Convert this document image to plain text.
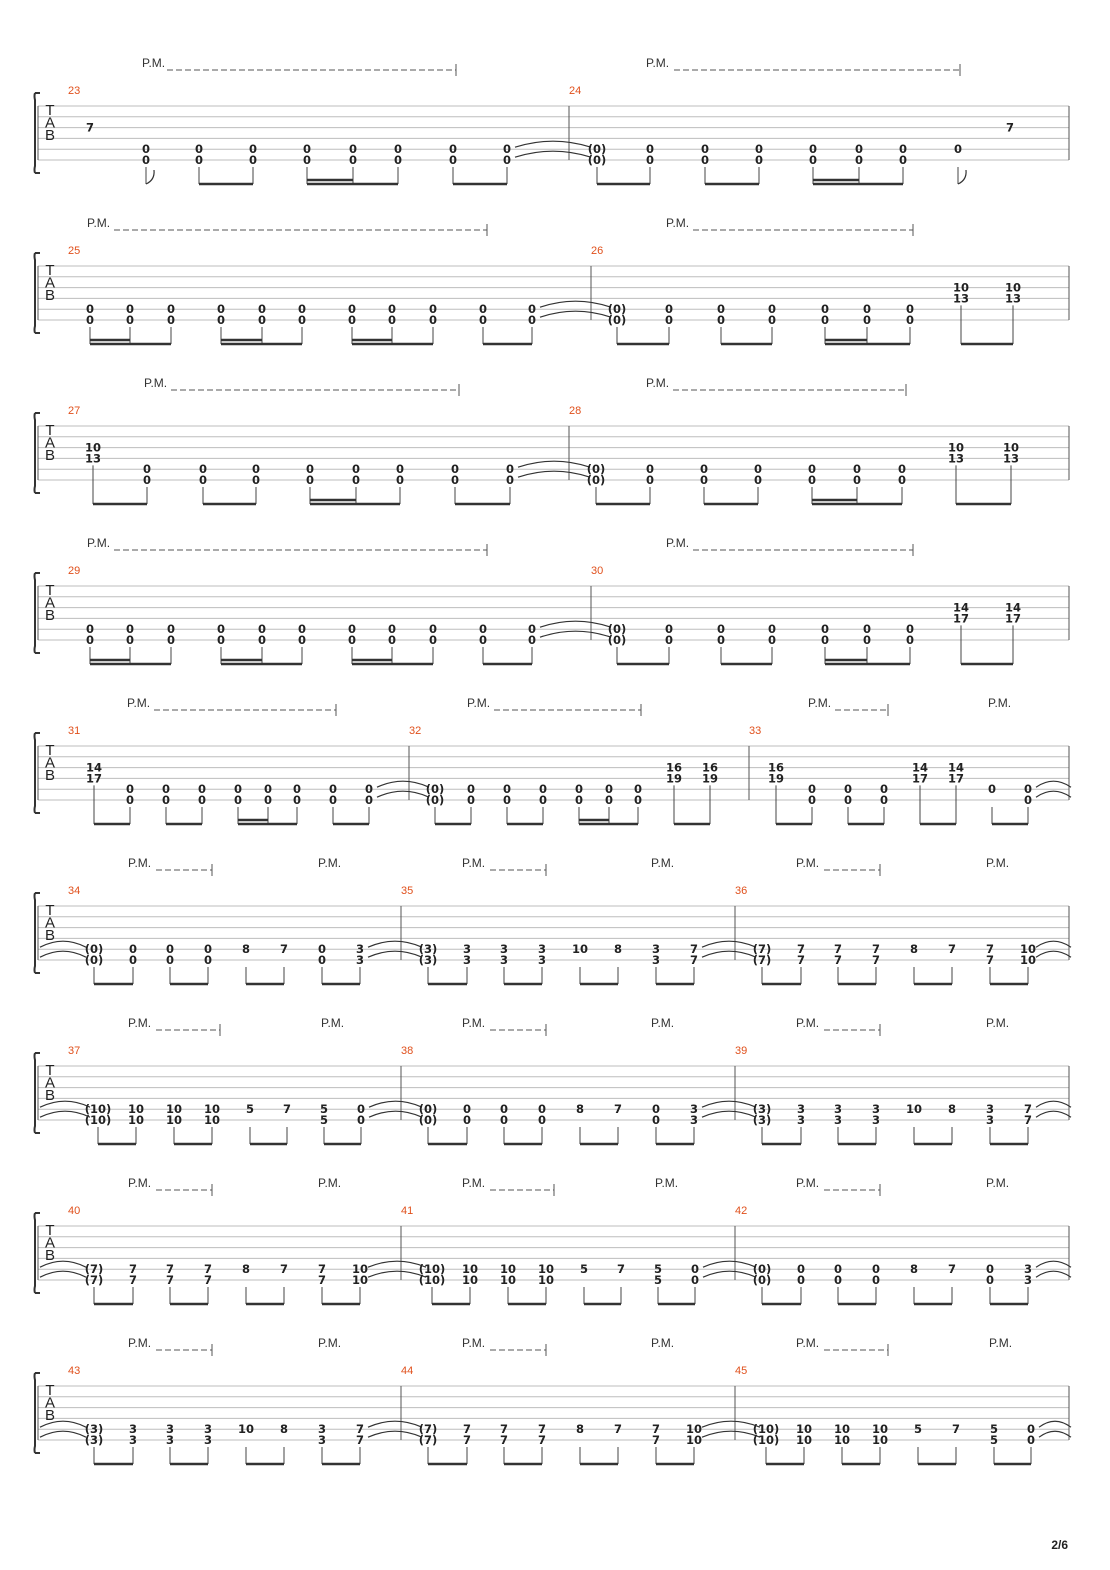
T
A
B
23
P.M.
7
0
0
0
0
0
0
0
0
0
0
0
0
0
0
0
0
24
P.M.
(0)
(0)
0
0
0
0
0
0
0
0
0
0
0
0
0
7
T
A
B
25
P.M.
0
0
0
0
0
0
0
0
0
0
0
0
0
0
0
0
0
0
0
0
0
0
26
P.M.
(0)
(0)
0
0
0
0
0
0
0
0
0
0
0
0
10
13
10
13
T
A
B
27
P.M.
10
13
0
0
0
0
0
0
0
0
0
0
0
0
0
0
0
0
28
P.M.
(0)
(0)
0
0
0
0
0
0
0
0
0
0
0
0
10
13
10
13
T
A
B
29
P.M.
0
0
0
0
0
0
0
0
0
0
0
0
0
0
0
0
0
0
0
0
0
0
30
P.M.
(0)
(0)
0
0
0
0
0
0
0
0
0
0
0
0
14
17
14
17
T
A
B
31
P.M.
14
17
0
0
0
0
0
0
0
0
0
0
0
0
0
0
0
0
32
P.M.
(0)
(0)
0
0
0
0
0
0
0
0
0
0
0
0
16
19
16
19
33
P.M.	P.M.
16
19
0
0
0
0
0
0
14
17
14
17
0 0
0
T
A
B
34
P.M.	P.M.
(0)
(0)
0
0
0
0
0
0
8	7	0
0
3
3
35
P.M.	P.M.
(3)
(3)
3
3
3
3
3
3
10 8	3
3
7
7
36
P.M.	P.M.
(7)
(7)
7
7
7
7
7
7
8	7	7
7
10
10
T
A
B
37
P.M.	P.M.
(10)
(10)
10
10
10
10
10
10
5	7	5
5
0
0
38
P.M.	P.M.
(0)
(0)
0
0
0
0
0
0
8	7	0
0
3
3
39
P.M.	P.M.
(3)
(3)
3
3
3
3
3
3
10 8	3
3
7
7
T
A
B
40
P.M.	P.M.
(7)
(7)
7
7
7
7
7
7
8	7	7
7
10
10
41
P.M.	P.M.
(10)
(10)
10
10
10
10
10
10
5	7	5
5
0
0
42
P.M.	P.M.
(0)
(0)
0
0
0
0
0
0
8	7	0
0
3
3
T
A
B
43
P.M.	P.M.
(3)
(3)
3
3
3
3
3
3
10 8	3
3
7
7
44
P.M.	P.M.
(7)
(7)
7
7
7
7
7
7
8	7	7
7
10
10
45
P.M.	P.M.
(10)
(10)
10
10
10
10
10
10
5	7	5
5
0
0
2/6
